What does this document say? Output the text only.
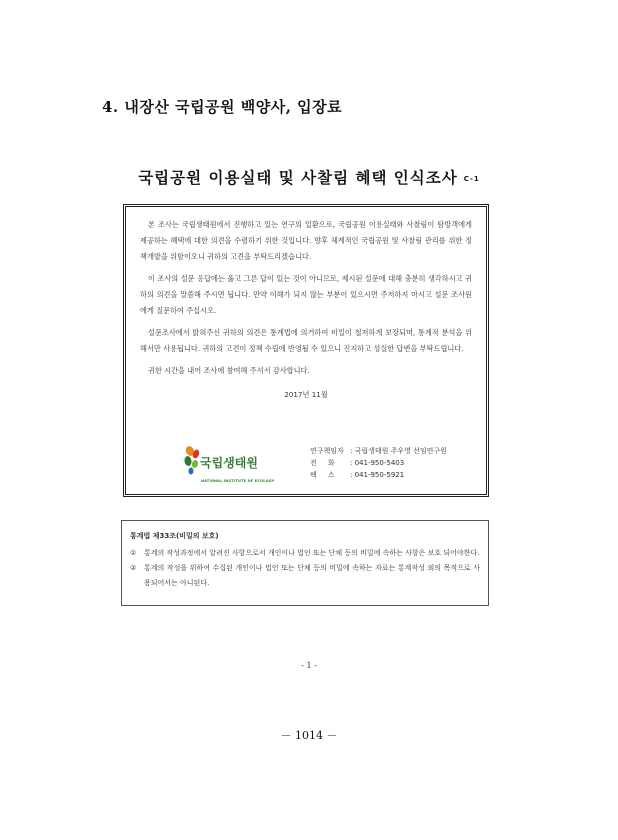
4. 내장산 국립공원 백양사, 입장료
국립공원 이용실태 및 사찰림 혜택 인식조사 C-1

본 조사는 국립생태원에서 진행하고 있는 연구의 일환으로, 국립공원 이용실태와 사찰림이 탐방객에게 제공하는 혜택에 대한 의견을 수렴하기 위한 것입니다. 향후 체계적인 국립공원 및 사찰림 관리를 위한 정책개발을 위함이오니 귀하의 고견을 부탁드리겠습니다.

이 조사의 설문 응답에는 옳고 그른 답이 있는 것이 아니므로, 제시된 설문에 대해 충분히 생각하시고 귀하의 의견을 말씀해 주시면 됩니다. 만약 이해가 되지 않는 부분이 있으시면 주저하지 마시고 설문 조사원에게 질문하여 주십시오.

설문조사에서 밝혀주신 귀하의 의견은 통계법에 의거하여 비밀이 철저하게 보장되며, 통계적 분석을 위해서만 사용됩니다. 귀하의 고견이 정책 수립에 반영될 수 있으니 진지하고 성실한 답변을 부탁드립니다.

귀한 시간을 내어 조사에 참여해 주셔서 감사합니다.

2017년 11월

국립생태원
NATIONAL INSTITUTE OF ECOLOGY
연구책임자 : 국립생태원 주우영 선임연구원
전     화 : 041-950-5403
팩     스 : 041-950-5921
통계법 제33조(비밀의 보호)
①	통계의 작성과정에서 알려진 사항으로서 개인이나 법인 또는 단체 등의 비밀에 속하는 사항은 보호 되어야한다.
②	통계의 작성을 위하여 수집된 개인이나 법인 또는 단체 등의 비밀에 속하는 자료는 통계작성 외의 목적으로 사용되어서는 아니된다.
- 1 -
－ 1014 －
